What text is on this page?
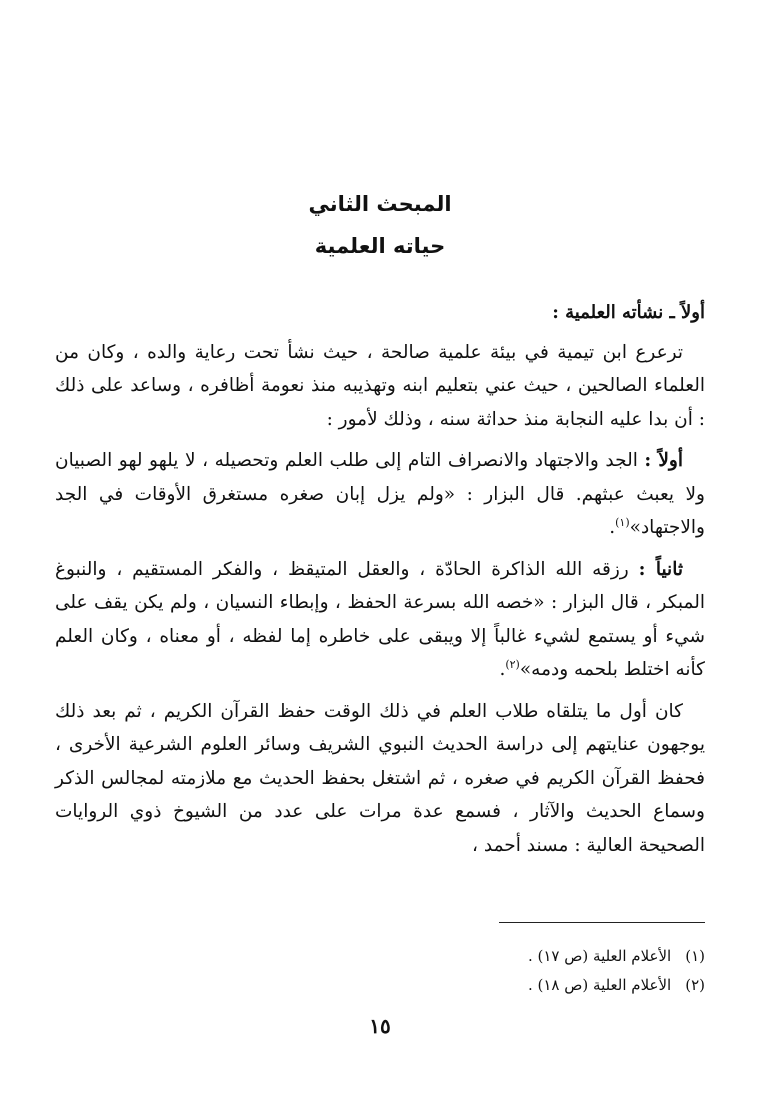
المبحث الثاني
حياته العلمية

أولاً ـ نشأته العلمية :

ترعرع ابن تيمية في بيئة علمية صالحة ، حيث نشأ تحت رعاية والده ، وكان من العلماء الصالحين ، حيث عني بتعليم ابنه وتهذيبه منذ نعومة أظافره ، وساعد على ذلك : أن بدا عليه النجابة منذ حداثة سنه ، وذلك لأمور :

أولاً : الجد والاجتهاد والانصراف التام إلى طلب العلم وتحصيله ، لا يلهو لهو الصبيان ولا يعبث عبثهم. قال البزار : «ولم يزل إبان صغره مستغرق الأوقات في الجد والاجتهاد»$^{(١)}$.

ثانياً : رزقه الله الذاكرة الحادّة ، والعقل المتيقظ ، والفكر المستقيم ، والنبوغ المبكر ، قال البزار : «خصه الله بسرعة الحفظ ، وإبطاء النسيان ، ولم يكن يقف على شيء أو يستمع لشيء غالباً إلا ويبقى على خاطره إما لفظه ، أو معناه ، وكان العلم كأنه اختلط بلحمه ودمه»$^{(٢)}$.

كان أول ما يتلقاه طلاب العلم في ذلك الوقت حفظ القرآن الكريم ، ثم بعد ذلك يوجهون عنايتهم إلى دراسة الحديث النبوي الشريف وسائر العلوم الشرعية الأخرى ، فحفظ القرآن الكريم في صغره ، ثم اشتغل بحفظ الحديث مع ملازمته لمجالس الذكر وسماع الحديث والآثار ، فسمع عدة مرات على عدد من الشيوخ ذوي الروايات الصحيحة العالية : مسند أحمد ،

(١)الأعلام العلية (ص ١٧) .

(٢)الأعلام العلية (ص ١٨) .

١٥
